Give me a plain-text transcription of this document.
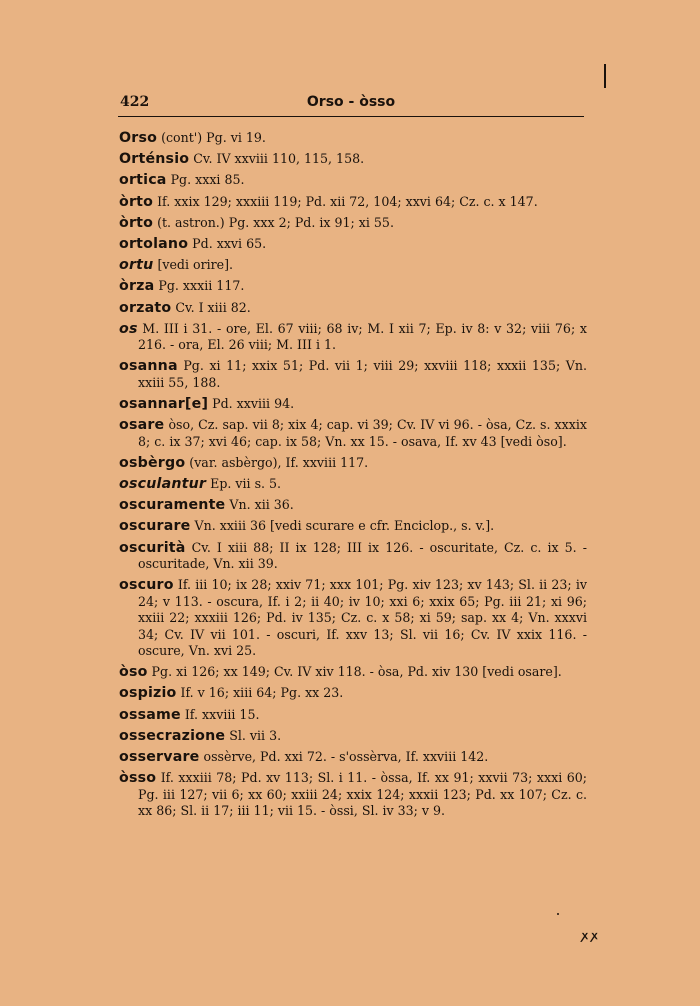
422	Orso - òsso
Orso (cont') Pg. vi 19.
Orténsio Cv. IV xxviii 110, 115, 158.
ortica Pg. xxxi 85.
òrto If. xxix 129; xxxiii 119; Pd. xii 72, 104; xxvi 64; Cz. c. x 147.
òrto (t. astron.) Pg. xxx 2; Pd. ix 91; xi 55.
ortolano Pd. xxvi 65.
ortu [vedi orire].
òrza Pg. xxxii 117.
orzato Cv. I xiii 82.
os M. III i 31. - ore, El. 67 viii; 68 iv; M. I xii 7; Ep. iv 8: v 32; viii 76; x 216. - ora, El. 26 viii; M. III i 1.
osanna Pg. xi 11; xxix 51; Pd. vii 1; viii 29; xxviii 118; xxxii 135; Vn. xxiii 55, 188.
osannar[e] Pd. xxviii 94.
osare òso, Cz. sap. vii 8; xix 4; cap. vi 39; Cv. IV vi 96. - òsa, Cz. s. xxxix 8; c. ix 37; xvi 46; cap. ix 58; Vn. xx 15. - osava, If. xv 43 [vedi òso].
osbèrgo (var. asbèrgo), If. xxviii 117.
osculantur Ep. vii s. 5.
oscuramente Vn. xii 36.
oscurare Vn. xxiii 36 [vedi scurare e cfr. Enciclop., s. v.].
oscurità Cv. I xiii 88; II ix 128; III ix 126. - oscuritate, Cz. c. ix 5. - oscuritade, Vn. xii 39.
oscuro If. iii 10; ix 28; xxiv 71; xxx 101; Pg. xiv 123; xv 143; Sl. ii 23; iv 24; v 113. - oscura, If. i 2; ii 40; iv 10; xxi 6; xxix 65; Pg. iii 21; xi 96; xxiii 22; xxxiii 126; Pd. iv 135; Cz. c. x 58; xi 59; sap. xx 4; Vn. xxxvi 34; Cv. IV vii 101. - oscuri, If. xxv 13; Sl. vii 16; Cv. IV xxix 116. - oscure, Vn. xvi 25.
òso Pg. xi 126; xx 149; Cv. IV xiv 118. - òsa, Pd. xiv 130 [vedi osare].
ospizio If. v 16; xiii 64; Pg. xx 23.
ossame If. xxviii 15.
ossecrazione Sl. vii 3.
osservare ossèrve, Pd. xxi 72. - s'ossèrva, If. xxviii 142.
òsso If. xxxiii 78; Pd. xv 113; Sl. i 11. - òssa, If. xx 91; xxvii 73; xxxi 60; Pg. iii 127; vii 6; xx 60; xxiii 24; xxix 124; xxxii 123; Pd. xx 107; Cz. c. xx 86; Sl. ii 17; iii 11; vii 15. - òssi, Sl. iv 33; v 9.
ꭗ ꭗ
